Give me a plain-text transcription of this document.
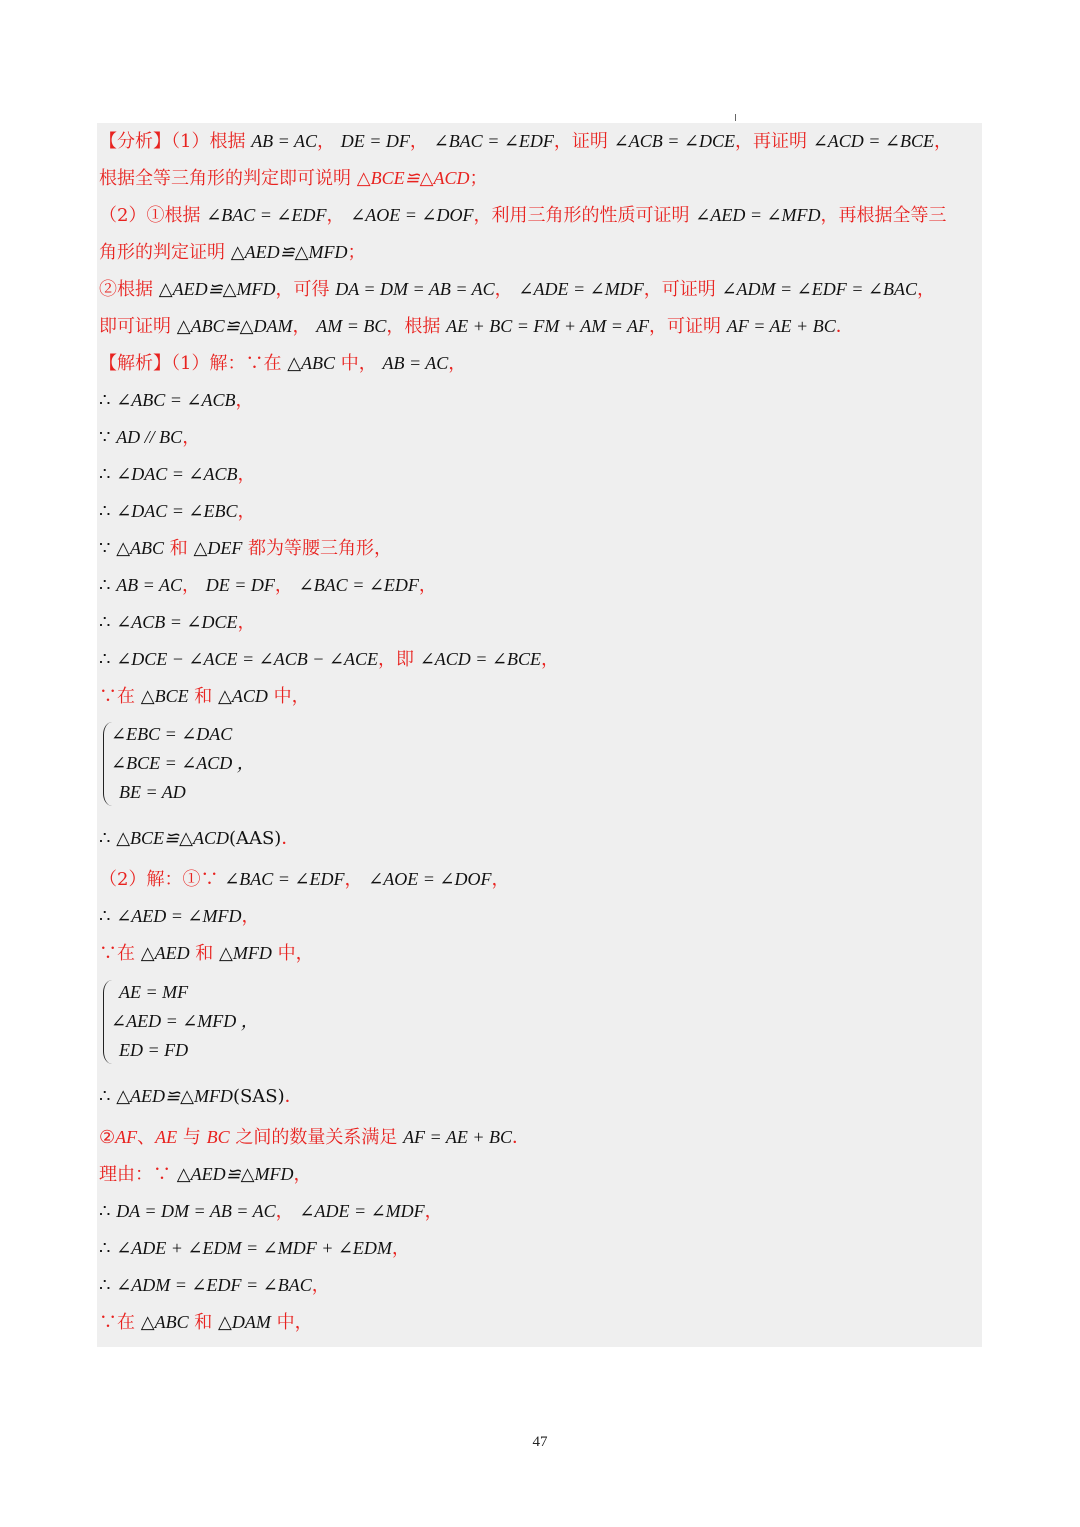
【分析】（1）根据 AB = AC， DE = DF， ∠BAC = ∠EDF，证明 ∠ACB = ∠DCE，再证明 ∠ACD = ∠BCE，
根据全等三角形的判定即可说明 △BCE≌△ACD；
（2）①根据 ∠BAC = ∠EDF， ∠AOE = ∠DOF，利用三角形的性质可证明 ∠AED = ∠MFD，再根据全等三
角形的判定证明 △AED≌△MFD；
②根据 △AED≌△MFD，可得 DA = DM = AB = AC， ∠ADE = ∠MDF，可证明 ∠ADM = ∠EDF = ∠BAC，
即可证明 △ABC≌△DAM， AM = BC，根据 AE + BC = FM + AM = AF，可证明 AF = AE + BC．
【解析】（1）解：∵在 △ABC 中， AB = AC，
∴ ∠ABC = ∠ACB，
∵ AD // BC，
∴ ∠DAC = ∠ACB，
∴ ∠DAC = ∠EBC，
∵ △ABC 和 △DEF 都为等腰三角形，
∴ AB = AC， DE = DF， ∠BAC = ∠EDF，
∴ ∠ACB = ∠DCE，
∴ ∠DCE − ∠ACE = ∠ACB − ∠ACE，即 ∠ACD = ∠BCE，
∵在 △BCE 和 △ACD 中，
∠EBC = ∠DAC
∠BCE = ∠ACD ，
BE = AD
∴ △BCE≌△ACD(AAS)．
（2）解：①∵ ∠BAC = ∠EDF， ∠AOE = ∠DOF，
∴ ∠AED = ∠MFD，
∵在 △AED 和 △MFD 中，
AE = MF
∠AED = ∠MFD ，
ED = FD
∴ △AED≌△MFD(SAS)．
②AF、AE 与 BC 之间的数量关系满足 AF = AE + BC．
理由：∵ △AED≌△MFD，
∴ DA = DM = AB = AC， ∠ADE = ∠MDF，
∴ ∠ADE + ∠EDM = ∠MDF + ∠EDM，
∴ ∠ADM = ∠EDF = ∠BAC，
∵在 △ABC 和 △DAM 中，
47
